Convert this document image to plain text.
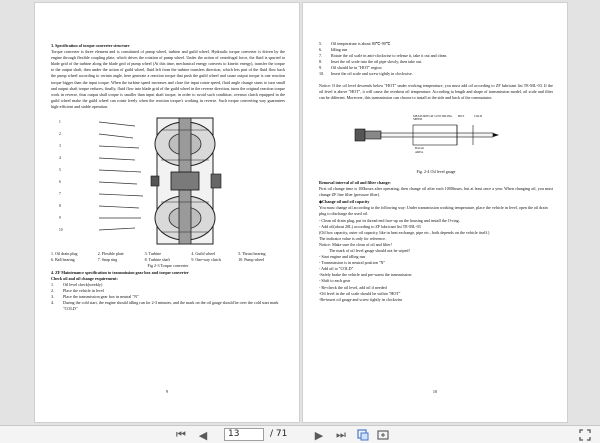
3. Specification of torque converter structure

Torque converter is three element and is constituted of pump wheel, turbine and guild wheel. Hydraulic torque converter is driven by the engine through flexible coupling plate, which drives the rotation of pump wheel. Under the action of centrifugal force, the fluid is spurted to blade grid of the turbine along the blade grid of pump wheel (At this time, mechanical energy converts to kinetic energy), transfer the torque to the output shaft, then under the action of guild wheel, fluid left from the turbine transfers direction, which lets part of the fluid flow back the pump wheel according to certain angle, here generate a reaction torque that push the guild wheel and cause output torque is one reaction torque bigger than the input torque. When the turbine speed increases and close the input rotate speed, fluid angle change starts to turn small and output shaft torque reduces, finally, fluid flow into blade grid of the guild wheel in the reverse direction, turns the original reaction torque work in reverse, thus output shall torque is smaller than input shaft torque, in order to avoid such condition, overrun clutch equipped in the guild wheel make the guild wheel can rotate freely when the reaction torque's working in reverse. Such torque converting way guarantees high-efficient and stable operation.

1
2
3
4
5
6
7
8
9
10
1. Oil drain plug	2. Flexible plate	3. Turbine	4. Guild wheel	5. Thrust bearing
6. Ball bearing	7. Snap ring	8. Turbine shaft	9. One-way clutch	10. Pump wheel
Fig 2-3 Torque converter
4. ZF Maintenance specification to transmission gear box and torque converter
Check oil and oil change requirement:
1.	Oil level check(weekly)
2.	Place the vehicle in level
3.	Place the transmission gear box in neutral "N"
4.	During the cold start, the engine should idling run for 2-3 minutes, and the mark on the oil gauge should be over the cold start mark "COLD"
9
5.	Oil temperature is about 80℃-90℃
6.	Idling run
7.	Rotate the oil scale in anti-clockwise to release it, take it out and clean.
8.	Inset the oil scale into the oil pipe slowly, then take out.
9.	Oil should be in "HOT" region
10.	Insert the oil scale and screw tightly in clockwise.

Notice: If the oil level descends below "HOT" under working temperature, you must add oil according to ZF lubricant list TE-ML-03. If the oil level is above "HOT", it will cause the overheat oil temperature. According to length and shape of transmission model, oil scale and filter can be different. Moreover, this transmission can choose to install at the side and back of the commutator.

MEASURED AT LOW IDLING SPEED
HOT	COLD
Bottom
AREA
Fig. 2-4 Oil level gauge
Removal interval of oil and filter change:

First oil change time is 100hours after operating, then change oil after each 1000hours, but at least once a year. When changing oil, you must change ZF fine filter (pressure filter).

◆Change oil and oil capacity
You must change oil according to the following way: Under transmission working temperature, place the vehicle in level, open the oil drain plug to discharge the used oil.
- Clean oil drain plug, put its thread end face-up on the housing and install the O-ring.
- Add oil(about 20L) according to ZF lubricant list TE-ML-03
(Oil box capacity, outer oil capacity, like in heat exchange, pipe etc., both depends on the vehicle itself.)
The indicator value is only for reference.
Notice: Make sure the clean of oil and filter!
The mark of oil level gauge should not be wiped!
- Start engine and idling run
- Transmission is in neutral position "N"
- Add oil to "COLD"
-Safely brake the vehicle and pre-warm the transmission
- Shift to each gear
- Re-check the oil level, add oil if needed
-Oil level in the oil scale should be within "HOT"
-Re-insert oil gauge and screw tightly in clockwise
10
⏮ ◀	13	/ 71 ▶ ⏭
